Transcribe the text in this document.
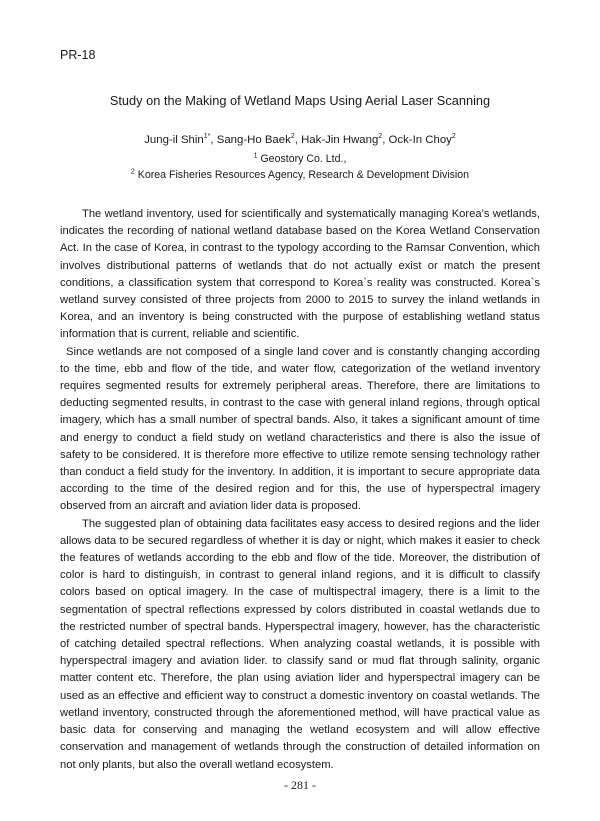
PR-18
Study on the Making of Wetland Maps Using Aerial Laser Scanning
Jung-il Shin$^{1*}$, Sang-Ho Baek$^2$, Hak-Jin Hwang$^2$, Ock-In Choy$^2$
$^1$ Geostory Co. Ltd.,
$^2$ Korea Fisheries Resources Agency, Research & Development Division

The wetland inventory, used for scientifically and systematically managing Korea’s wetlands, indicates the recording of national wetland database based on the Korea Wetland Conservation Act. In the case of Korea, in contrast to the typology according to the Ramsar Convention, which involves distributional patterns of wetlands that do not actually exist or match the present conditions, a classification system that correspond to Korea`s reality was constructed. Korea`s wetland survey consisted of three projects from 2000 to 2015 to survey the inland wetlands in Korea, and an inventory is being constructed with the purpose of establishing wetland status information that is current, reliable and scientific.

Since wetlands are not composed of a single land cover and is constantly changing according to the time, ebb and flow of the tide, and water flow, categorization of the wetland inventory requires segmented results for extremely peripheral areas. Therefore, there are limitations to deducting segmented results, in contrast to the case with general inland regions, through optical imagery, which has a small number of spectral bands. Also, it takes a significant amount of time and energy to conduct a field study on wetland characteristics and there is also the issue of safety to be considered. It is therefore more effective to utilize remote sensing technology rather than conduct a field study for the inventory. In addition, it is important to secure appropriate data according to the time of the desired region and for this, the use of hyperspectral imagery observed from an aircraft and aviation lider data is proposed.

The suggested plan of obtaining data facilitates easy access to desired regions and the lider allows data to be secured regardless of whether it is day or night, which makes it easier to check the features of wetlands according to the ebb and flow of the tide. Moreover, the distribution of color is hard to distinguish, in contrast to general inland regions, and it is difficult to classify colors based on optical imagery. In the case of multispectral imagery, there is a limit to the segmentation of spectral reflections expressed by colors distributed in coastal wetlands due to the restricted number of spectral bands. Hyperspectral imagery, however, has the characteristic of catching detailed spectral reflections. When analyzing coastal wetlands, it is possible with hyperspectral imagery and aviation lider. to classify sand or mud flat through salinity, organic matter content etc. Therefore, the plan using aviation lider and hyperspectral imagery can be used as an effective and efficient way to construct a domestic inventory on coastal wetlands. The wetland inventory, constructed through the aforementioned method, will have practical value as basic data for conserving and managing the wetland ecosystem and will allow effective conservation and management of wetlands through the construction of detailed information on not only plants, but also the overall wetland ecosystem.

- 281 -
